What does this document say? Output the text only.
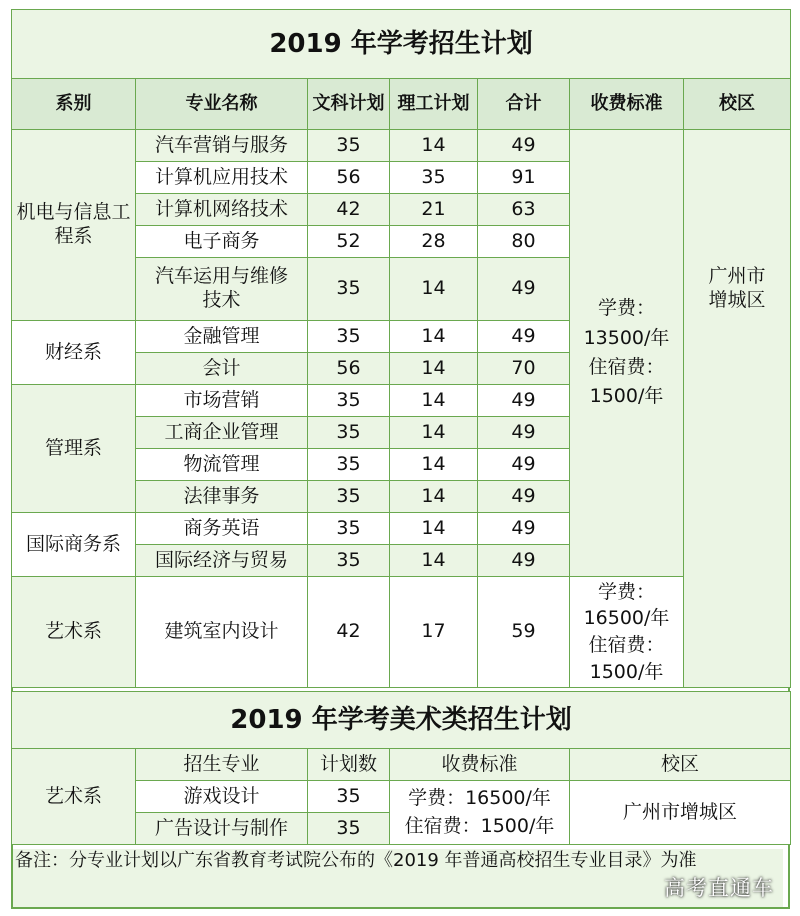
2019 年学考招生计划						
系别	专业名称	文科计划	理工计划	合计	收费标准	校区
机电与信息工程系	汽车营销与服务	35	14	49	学费：
13500/年
住宿费：
1500/年	广州市增城区

	计算机应用技术	56	35	91		
	计算机网络技术	42	21	63		
	电子商务	52	28	80		
	汽车运用与维修技术	35	14	49		

财经系	金融管理	35	14	49		
	会计	56	14	70		
管理系	市场营销	35	14	49		
	工商企业管理	35	14	49		
	物流管理	35	14	49		
	法律事务	35	14	49		
国际商务系	商务英语	35	14	49		
	国际经济与贸易	35	14	49		
艺术系	建筑室内设计	42	17	59	学费：
16500/年
住宿费：
1500/年	

2019 年学考美术类招生计划				
艺术系	招生专业	计划数	收费标准	校区
	游戏设计	35	学费：16500/年
住宿费：1500/年	广州市增城区
	广告设计与制作	35		
备注：分专业计划以广东省教育考试院公布的《2019 年普通高校招生专业目录》为准
高考直通车
